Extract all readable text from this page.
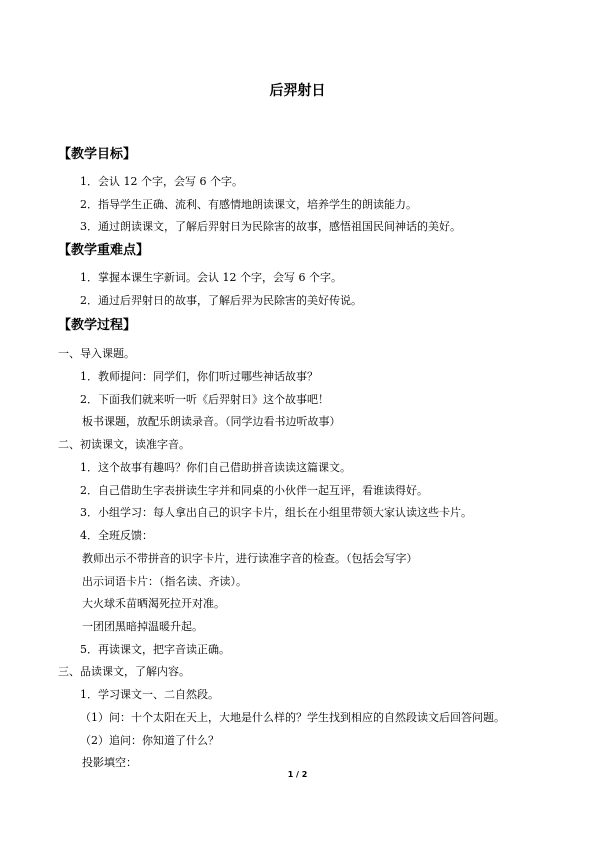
后羿射日
【教学目标】
1．会认 12 个字，会写 6 个字。
2．指导学生正确、流利、有感情地朗读课文，培养学生的朗读能力。
3．通过朗读课文，了解后羿射日为民除害的故事，感悟祖国民间神话的美好。
【教学重难点】
1．掌握本课生字新词。会认 12 个字，会写 6 个字。
2．通过后羿射日的故事，了解后羿为民除害的美好传说。
【教学过程】
一、导入课题。
1．教师提问：同学们，你们听过哪些神话故事？
2．下面我们就来听一听《后羿射日》这个故事吧！
板书课题，放配乐朗读录音。（同学边看书边听故事）
二、初读课文，读准字音。
1．这个故事有趣吗？你们自己借助拼音读读这篇课文。
2．自己借助生字表拼读生字并和同桌的小伙伴一起互评，看谁读得好。
3．小组学习：每人拿出自己的识字卡片，组长在小组里带领大家认读这些卡片。
4．全班反馈：
教师出示不带拼音的识字卡片，进行读准字音的检查。（包括会写字）
出示词语卡片：（指名读、齐读）。
大火球禾苗晒渴死拉开对准。
一团团黑暗掉温暖升起。
5．再读课文，把字音读正确。
三、品读课文，了解内容。
1．学习课文一、二自然段。
（1）问：十个太阳在天上，大地是什么样的？学生找到相应的自然段读文后回答问题。
（2）追问：你知道了什么？
投影填空：
1 / 2
